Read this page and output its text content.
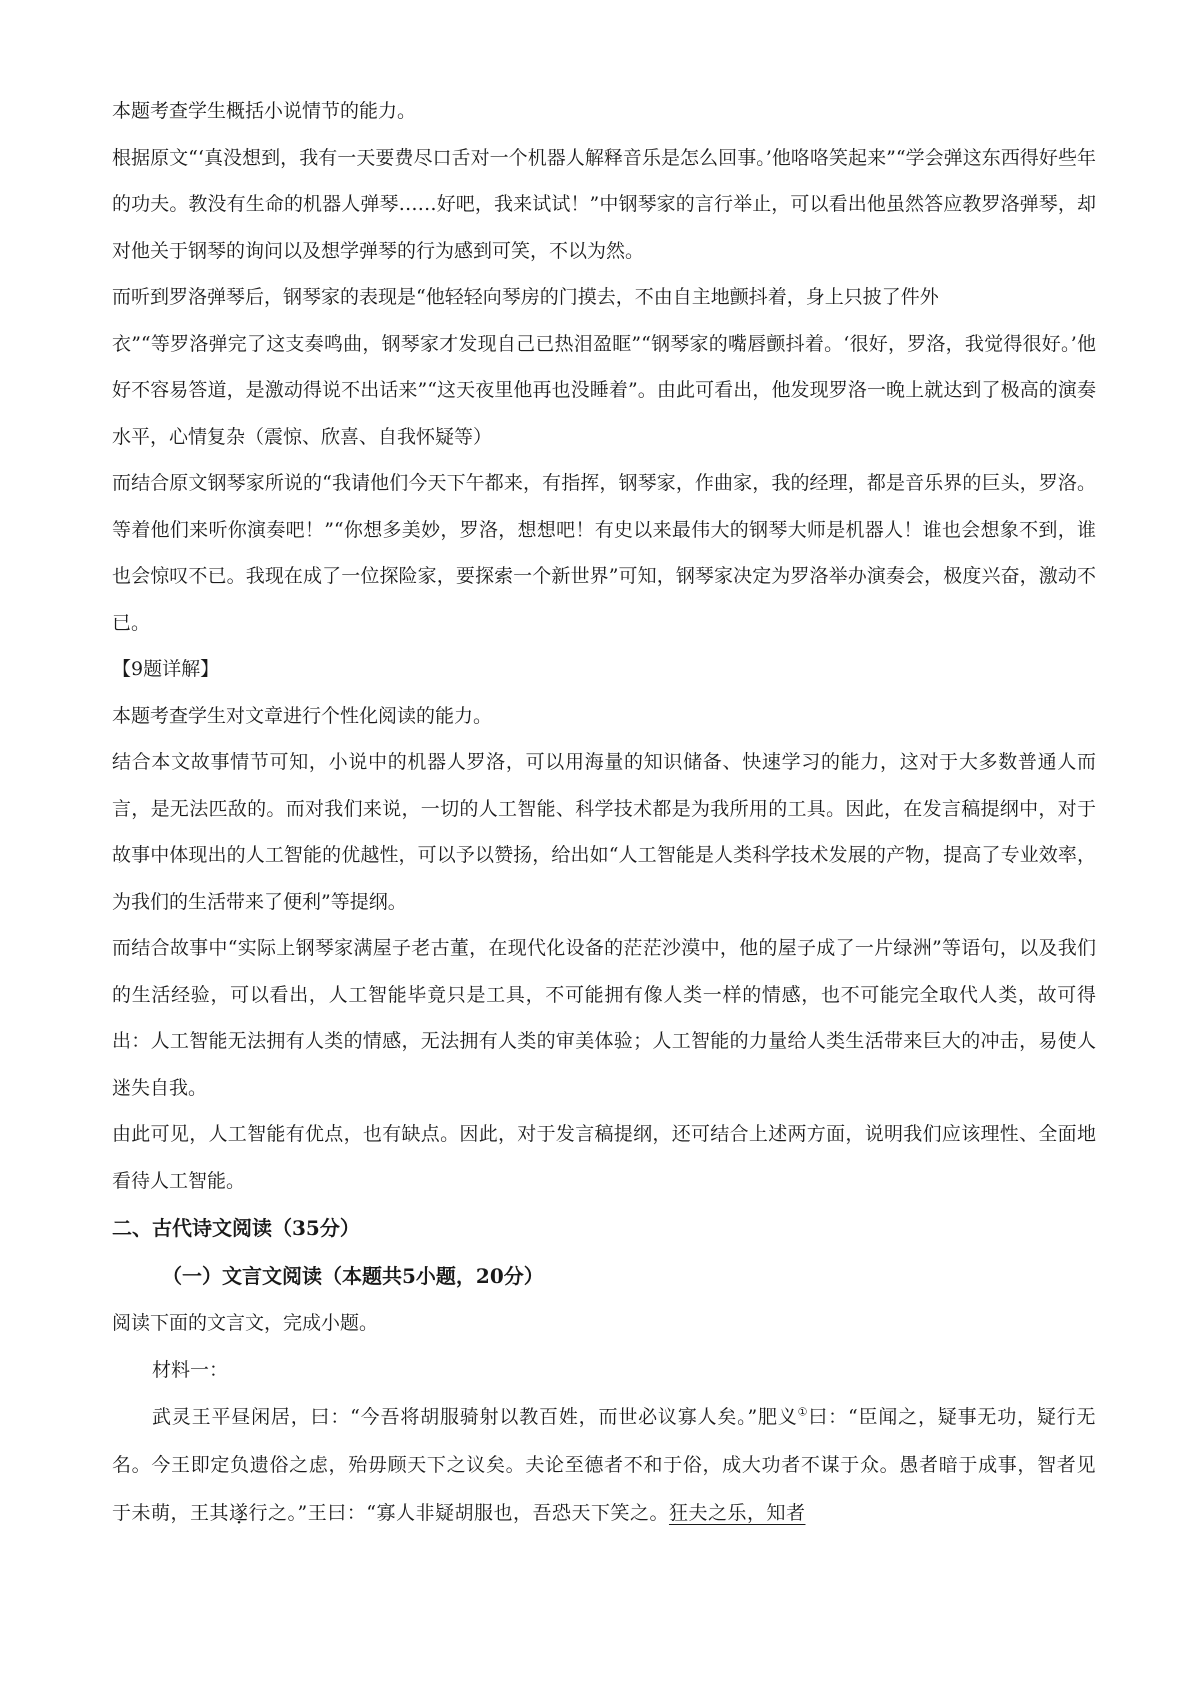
本题考查学生概括小说情节的能力。

根据原文“‘真没想到，我有一天要费尽口舌对一个机器人解释音乐是怎么回事。’他咯咯笑起来”“学会弹这东西得好些年的功夫。教没有生命的机器人弹琴……好吧，我来试试！”中钢琴家的言行举止，可以看出他虽然答应教罗洛弹琴，却对他关于钢琴的询问以及想学弹琴的行为感到可笑，不以为然。

而听到罗洛弹琴后，钢琴家的表现是“他轻轻向琴房的门摸去，不由自主地颤抖着，身上只披了件外

衣”“等罗洛弹完了这支奏鸣曲，钢琴家才发现自己已热泪盈眶”“钢琴家的嘴唇颤抖着。‘很好，罗洛，我觉得很好。’他好不容易答道，是激动得说不出话来”“这天夜里他再也没睡着”。由此可看出，他发现罗洛一晚上就达到了极高的演奏水平，心情复杂（震惊、欣喜、自我怀疑等）

而结合原文钢琴家所说的“我请他们今天下午都来，有指挥，钢琴家，作曲家，我的经理，都是音乐界的巨头，罗洛。等着他们来听你演奏吧！”“你想多美妙，罗洛，想想吧！有史以来最伟大的钢琴大师是机器人！谁也会想象不到，谁也会惊叹不已。我现在成了一位探险家，要探索一个新世界”可知，钢琴家决定为罗洛举办演奏会，极度兴奋，激动不已。

【9题详解】

本题考查学生对文章进行个性化阅读的能力。

结合本文故事情节可知，小说中的机器人罗洛，可以用海量的知识储备、快速学习的能力，这对于大多数普通人而言，是无法匹敌的。而对我们来说，一切的人工智能、科学技术都是为我所用的工具。因此，在发言稿提纲中，对于故事中体现出的人工智能的优越性，可以予以赞扬，给出如“人工智能是人类科学技术发展的产物，提高了专业效率，为我们的生活带来了便利”等提纲。

而结合故事中“实际上钢琴家满屋子老古董，在现代化设备的茫茫沙漠中，他的屋子成了一片绿洲”等语句，以及我们的生活经验，可以看出，人工智能毕竟只是工具，不可能拥有像人类一样的情感，也不可能完全取代人类，故可得出：人工智能无法拥有人类的情感，无法拥有人类的审美体验；人工智能的力量给人类生活带来巨大的冲击，易使人迷失自我。

由此可见，人工智能有优点，也有缺点。因此，对于发言稿提纲，还可结合上述两方面，说明我们应该理性、全面地看待人工智能。

二、古代诗文阅读（35分）

（一）文言文阅读（本题共5小题，20分）

阅读下面的文言文，完成小题。

材料一：

武灵王平昼闲居，曰：“今吾将胡服骑射以教百姓，而世必议寡人矣。”肥义①曰：“臣闻之，疑事无功，疑行无名。今王即定负遗俗之虑，殆毋顾天下之议矣。夫论至德者不和于俗，成大功者不谋于众。愚者暗于成事，智者见于未萌，王其遂行之。”王曰：“寡人非疑胡服也，吾恐天下笑之。狂夫之乐，知者
